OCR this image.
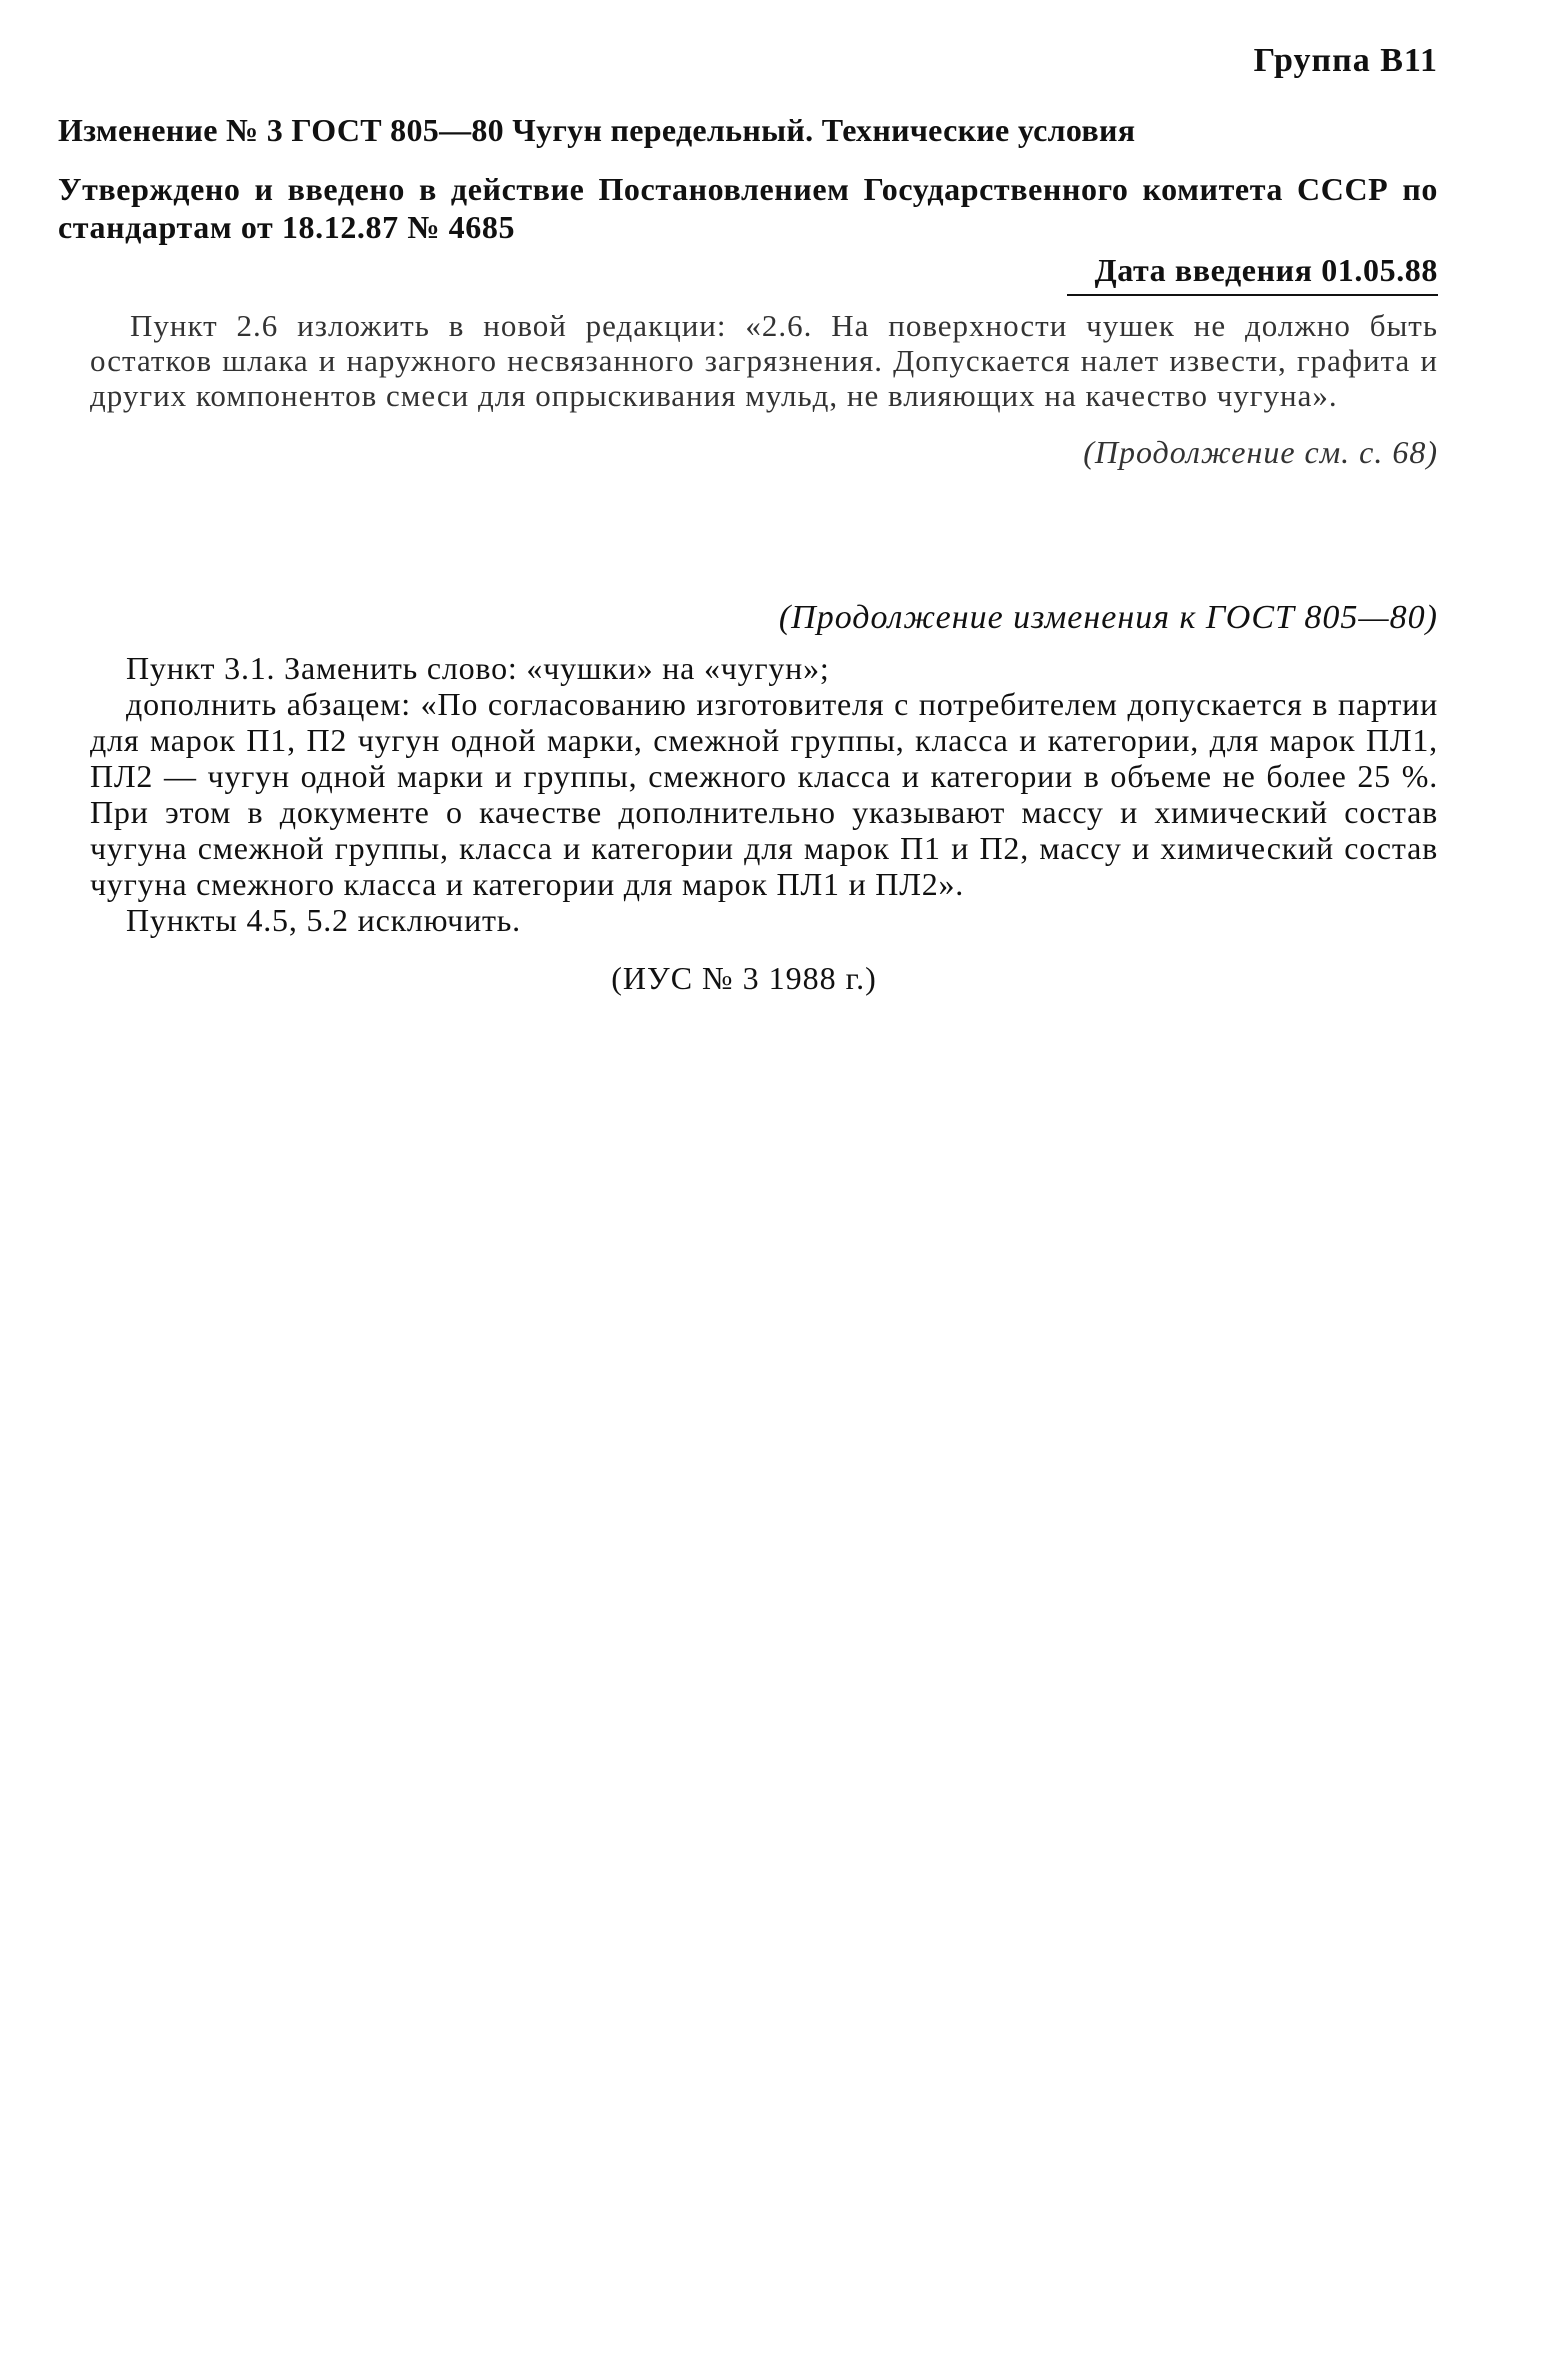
Группа В11
Изменение № 3 ГОСТ 805—80 Чугун передельный. Технические условия
Утверждено и введено в действие Постановлением Государственного комитета СССР по стандартам от 18.12.87 № 4685
Дата введения 01.05.88

Пункт 2.6 изложить в новой редакции: «2.6. На поверхности чушек не должно быть остатков шлака и наружного несвязанного загрязнения. Допускается налет извести, графита и других компонентов смеси для опрыскивания мульд, не влияющих на качество чугуна».

(Продолжение см. с. 68)
(Продолжение изменения к ГОСТ 805—80)

Пункт 3.1. Заменить слово: «чушки» на «чугун»;

дополнить абзацем: «По согласованию изготовителя с потребителем допускается в партии для марок П1, П2 чугун одной марки, смежной группы, класса и категории, для марок ПЛ1, ПЛ2 — чугун одной марки и группы, смежного класса и категории в объеме не более 25 %. При этом в документе о качестве дополнительно указывают массу и химический состав чугуна смежной группы, класса и категории для марок П1 и П2, массу и химический состав чугуна смежного класса и категории для марок ПЛ1 и ПЛ2».

Пункты 4.5, 5.2 исключить.

(ИУС № 3 1988 г.)
